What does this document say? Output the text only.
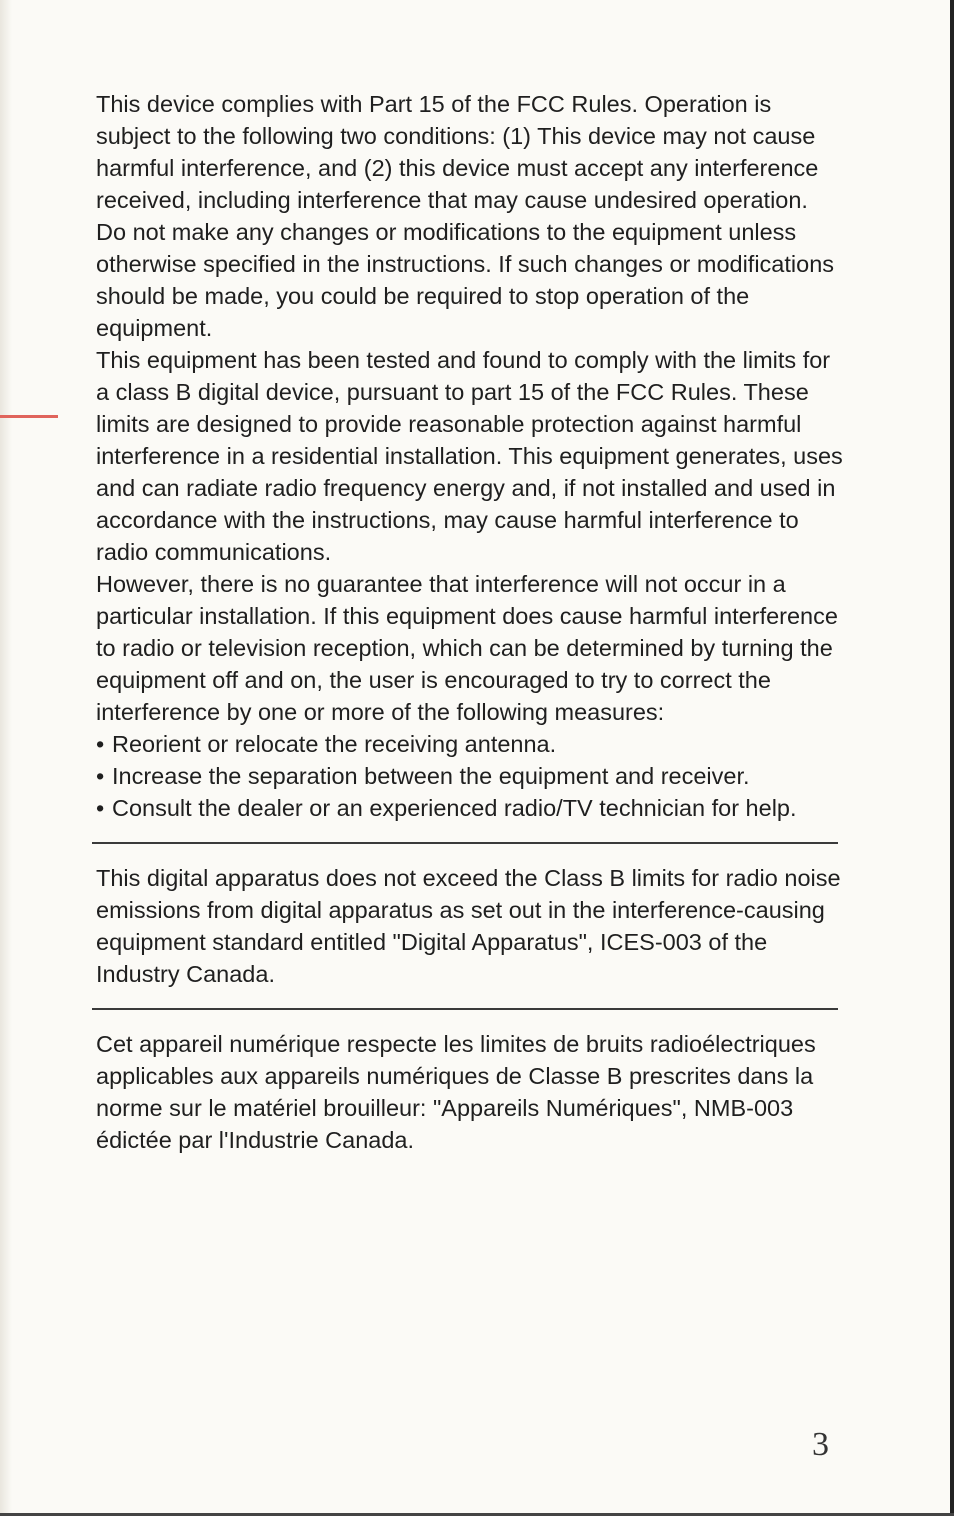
This device complies with Part 15 of the FCC Rules. Operation is subject to the following two conditions: (1) This device may not cause harmful interference, and (2) this device must accept any interference received, including interference that may cause undesired operation.

Do not make any changes or modifications to the equipment unless otherwise specified in the instructions. If such changes or modifications should be made, you could be required to stop operation of the equipment.

This equipment has been tested and found to comply with the limits for a class B digital device, pursuant to part 15 of the FCC Rules. These limits are designed to provide reasonable protection against harmful interference in a residential installation. This equipment generates, uses and can radiate radio frequency energy and, if not installed and used in accordance with the instructions, may cause harmful interference to radio communications.

However, there is no guarantee that interference will not occur in a particular installation. If this equipment does cause harmful interference to radio or television reception, which can be determined by turning the equipment off and on, the user is encouraged to try to correct the interference by one or more of the following measures:

• Reorient or relocate the receiving antenna.
• Increase the separation between the equipment and receiver.
• Consult the dealer or an experienced radio/TV technician for help.

This digital apparatus does not exceed the Class B limits for radio noise emissions from digital apparatus as set out in the interference-causing equipment standard entitled "Digital Apparatus", ICES-003 of the Industry Canada.

Cet appareil numérique respecte les limites de bruits radioélectriques applicables aux appareils numériques de Classe B prescrites dans la norme sur le matériel brouilleur: "Appareils Numériques", NMB-003 édictée par l'Industrie Canada.

3
